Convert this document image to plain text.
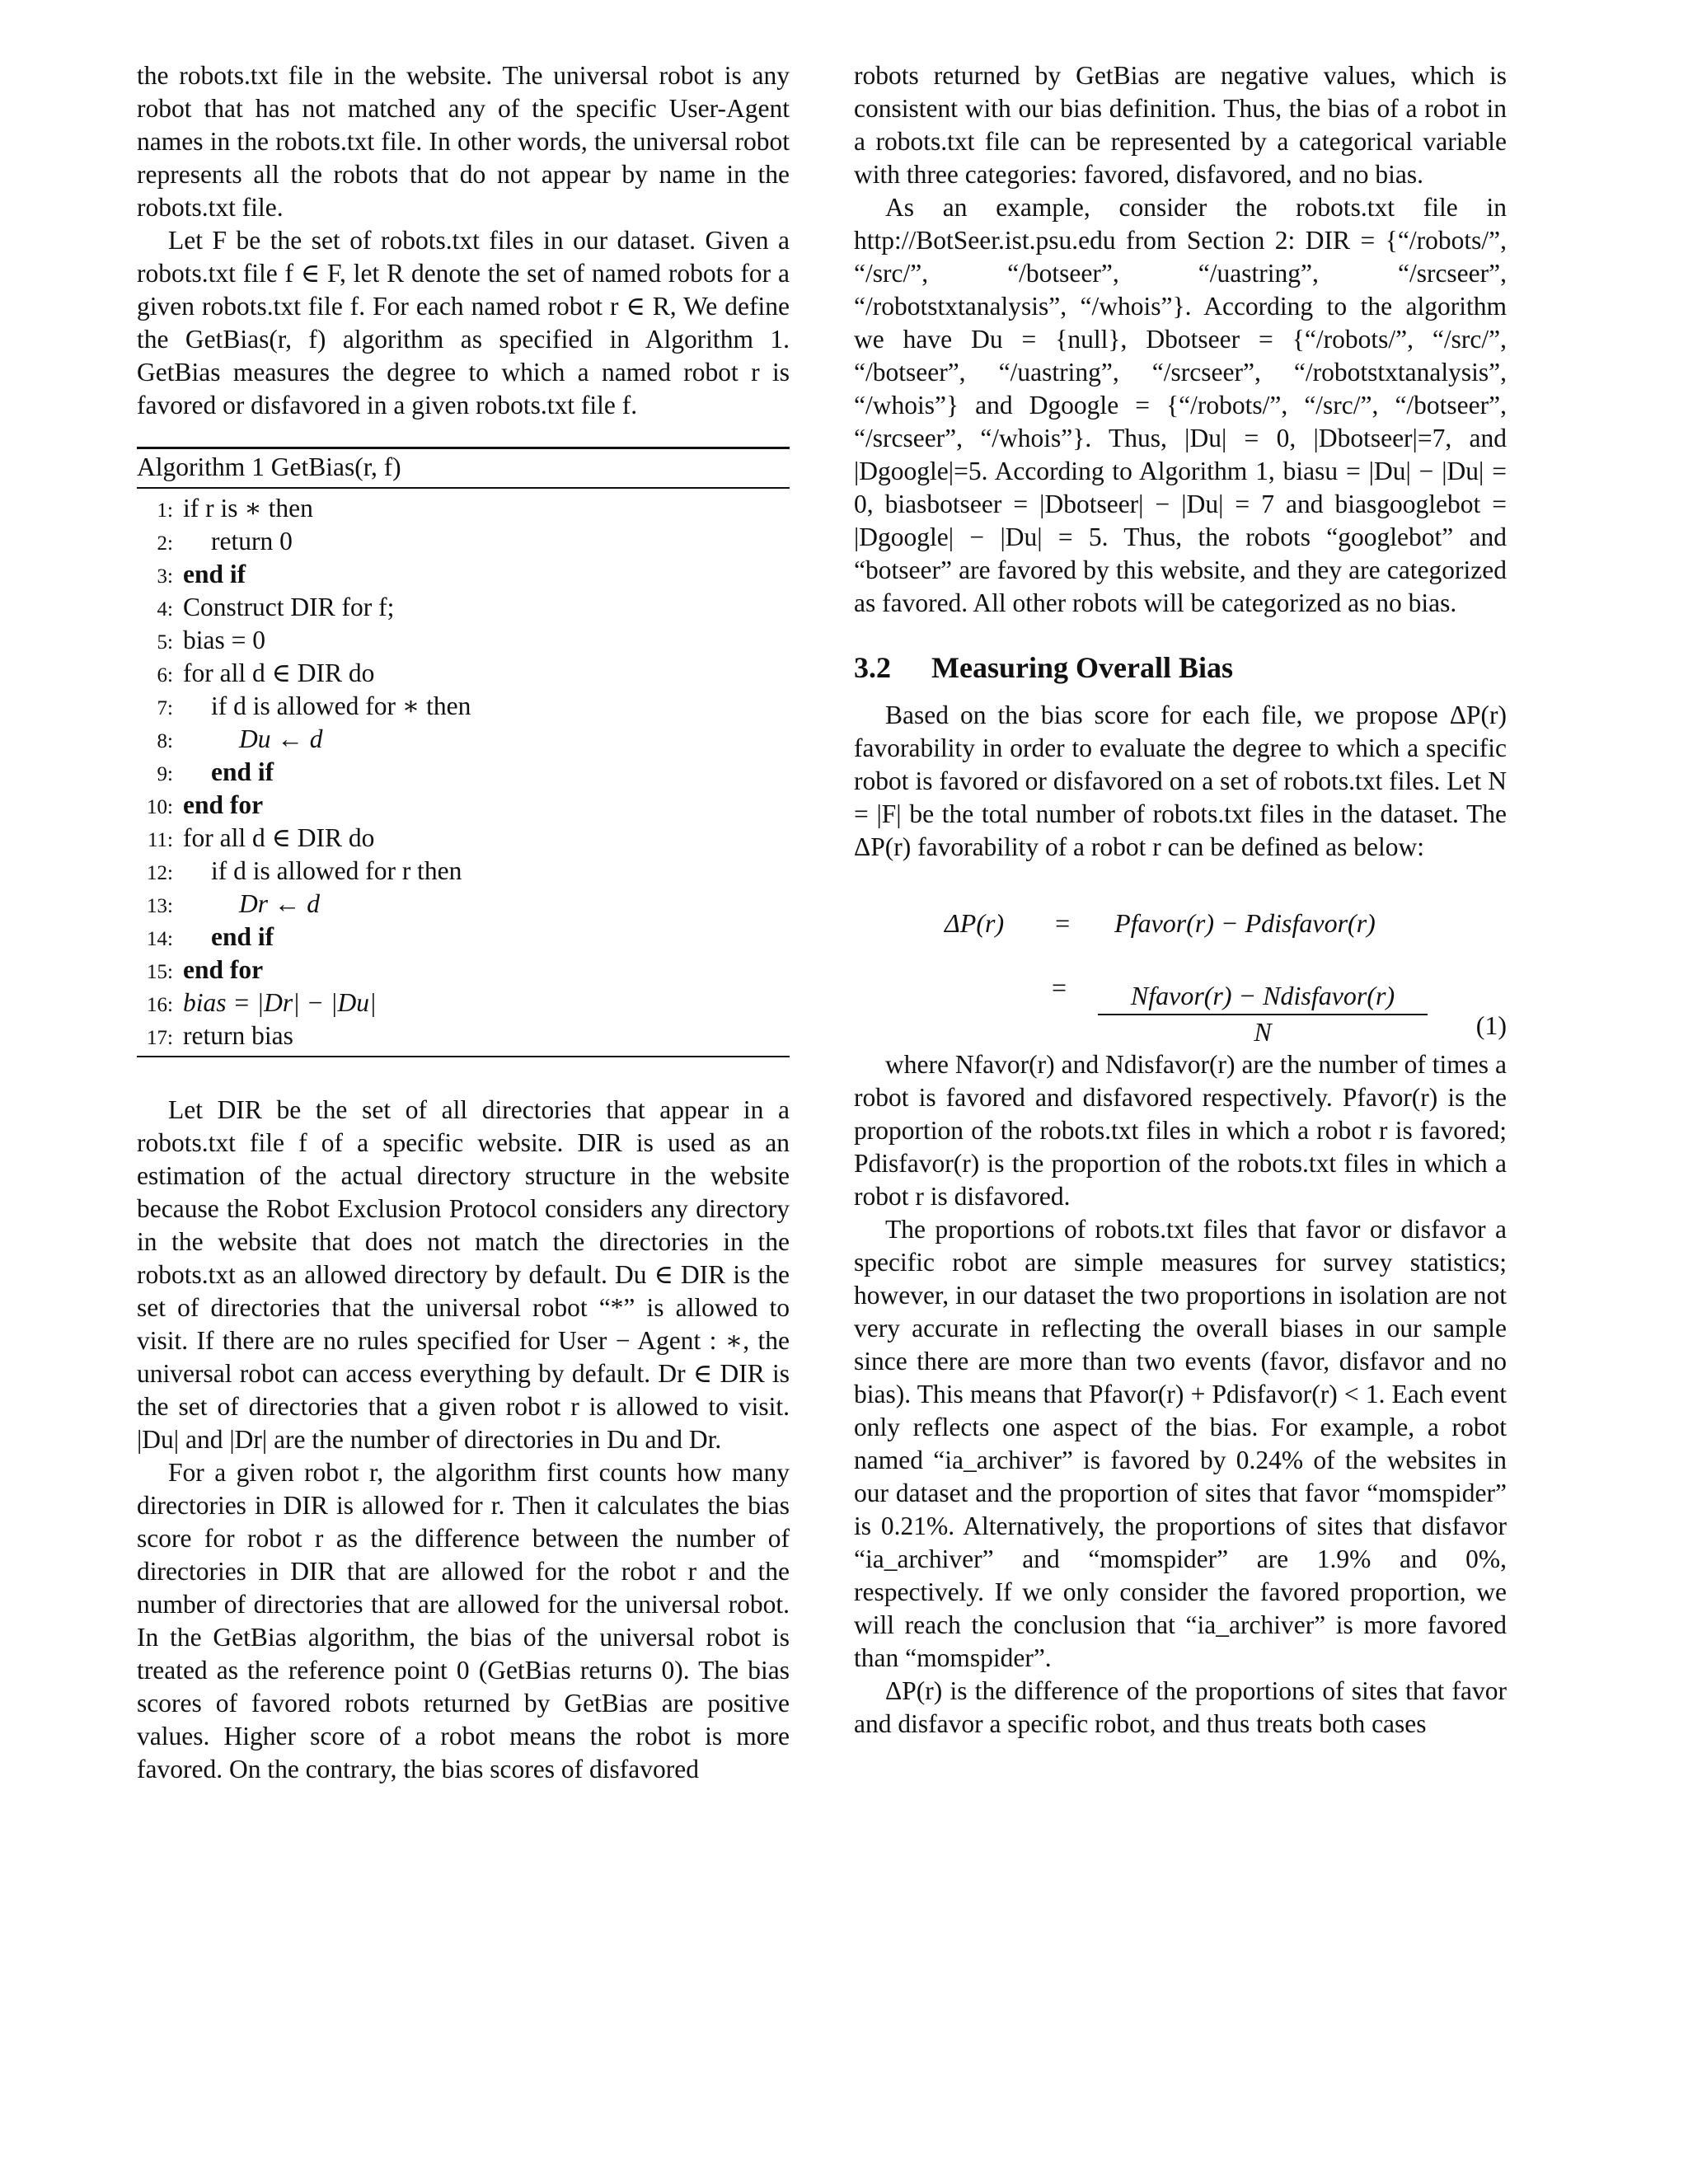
the robots.txt file in the website. The universal robot is any robot that has not matched any of the specific User-Agent names in the robots.txt file. In other words, the universal robot represents all the robots that do not appear by name in the robots.txt file.

Let F be the set of robots.txt files in our dataset. Given a robots.txt file f ∈ F, let R denote the set of named robots for a given robots.txt file f. For each named robot r ∈ R, We define the GetBias(r, f) algorithm as specified in Algorithm 1. GetBias measures the degree to which a named robot r is favored or disfavored in a given robots.txt file f.

Algorithm 1 GetBias(r, f)
1: if r is ∗ then
2:	return 0
3: end if
4: Construct DIR for f;
5: bias = 0
6: for all d ∈ DIR do
7:	if d is allowed for ∗ then
8:	Du ← d
9:	end if
10: end for
11: for all d ∈ DIR do
12:	if d is allowed for r then
13:	Dr ← d
14:	end if
15: end for
16: bias = |Dr| − |Du|
17: return bias

Let DIR be the set of all directories that appear in a robots.txt file f of a specific website. DIR is used as an estimation of the actual directory structure in the website because the Robot Exclusion Protocol considers any directory in the website that does not match the directories in the robots.txt as an allowed directory by default. Du ∈ DIR is the set of directories that the universal robot “*” is allowed to visit. If there are no rules specified for User − Agent : ∗, the universal robot can access everything by default. Dr ∈ DIR is the set of directories that a given robot r is allowed to visit. |Du| and |Dr| are the number of directories in Du and Dr.

For a given robot r, the algorithm first counts how many directories in DIR is allowed for r. Then it calculates the bias score for robot r as the difference between the number of directories in DIR that are allowed for the robot r and the number of directories that are allowed for the universal robot. In the GetBias algorithm, the bias of the universal robot is treated as the reference point 0 (GetBias returns 0). The bias scores of favored robots returned by GetBias are positive values. Higher score of a robot means the robot is more favored. On the contrary, the bias scores of disfavored

robots returned by GetBias are negative values, which is consistent with our bias definition. Thus, the bias of a robot in a robots.txt file can be represented by a categorical variable with three categories: favored, disfavored, and no bias.

As an example, consider the robots.txt file in http://BotSeer.ist.psu.edu from Section 2: DIR = {“/robots/”, “/src/”, “/botseer”, “/uastring”, “/srcseer”, “/robotstxtanalysis”, “/whois”}. According to the algorithm we have Du = {null}, Dbotseer = {“/robots/”, “/src/”, “/botseer”, “/uastring”, “/srcseer”, “/robotstxtanalysis”, “/whois”} and Dgoogle = {“/robots/”, “/src/”, “/botseer”, “/srcseer”, “/whois”}. Thus, |Du| = 0, |Dbotseer|=7, and |Dgoogle|=5. According to Algorithm 1, biasu = |Du| − |Du| = 0, biasbotseer = |Dbotseer| − |Du| = 7 and biasgooglebot = |Dgoogle| − |Du| = 5. Thus, the robots “googlebot” and “botseer” are favored by this website, and they are categorized as favored. All other robots will be categorized as no bias.

3.2 Measuring Overall Bias

Based on the bias score for each file, we propose ΔP(r) favorability in order to evaluate the degree to which a specific robot is favored or disfavored on a set of robots.txt files. Let N = |F| be the total number of robots.txt files in the dataset. The ΔP(r) favorability of a robot r can be defined as below:

ΔP(r) = Pfavor(r) − Pdisfavor(r)
=	Nfavor(r) − Ndisfavor(r)
N	(1)

where Nfavor(r) and Ndisfavor(r) are the number of times a robot is favored and disfavored respectively. Pfavor(r) is the proportion of the robots.txt files in which a robot r is favored; Pdisfavor(r) is the proportion of the robots.txt files in which a robot r is disfavored.

The proportions of robots.txt files that favor or disfavor a specific robot are simple measures for survey statistics; however, in our dataset the two proportions in isolation are not very accurate in reflecting the overall biases in our sample since there are more than two events (favor, disfavor and no bias). This means that Pfavor(r) + Pdisfavor(r) < 1. Each event only reflects one aspect of the bias. For example, a robot named “ia_archiver” is favored by 0.24% of the websites in our dataset and the proportion of sites that favor “momspider” is 0.21%. Alternatively, the proportions of sites that disfavor “ia_archiver” and “momspider” are 1.9% and 0%, respectively. If we only consider the favored proportion, we will reach the conclusion that “ia_archiver” is more favored than “momspider”.

ΔP(r) is the difference of the proportions of sites that favor and disfavor a specific robot, and thus treats both cases
